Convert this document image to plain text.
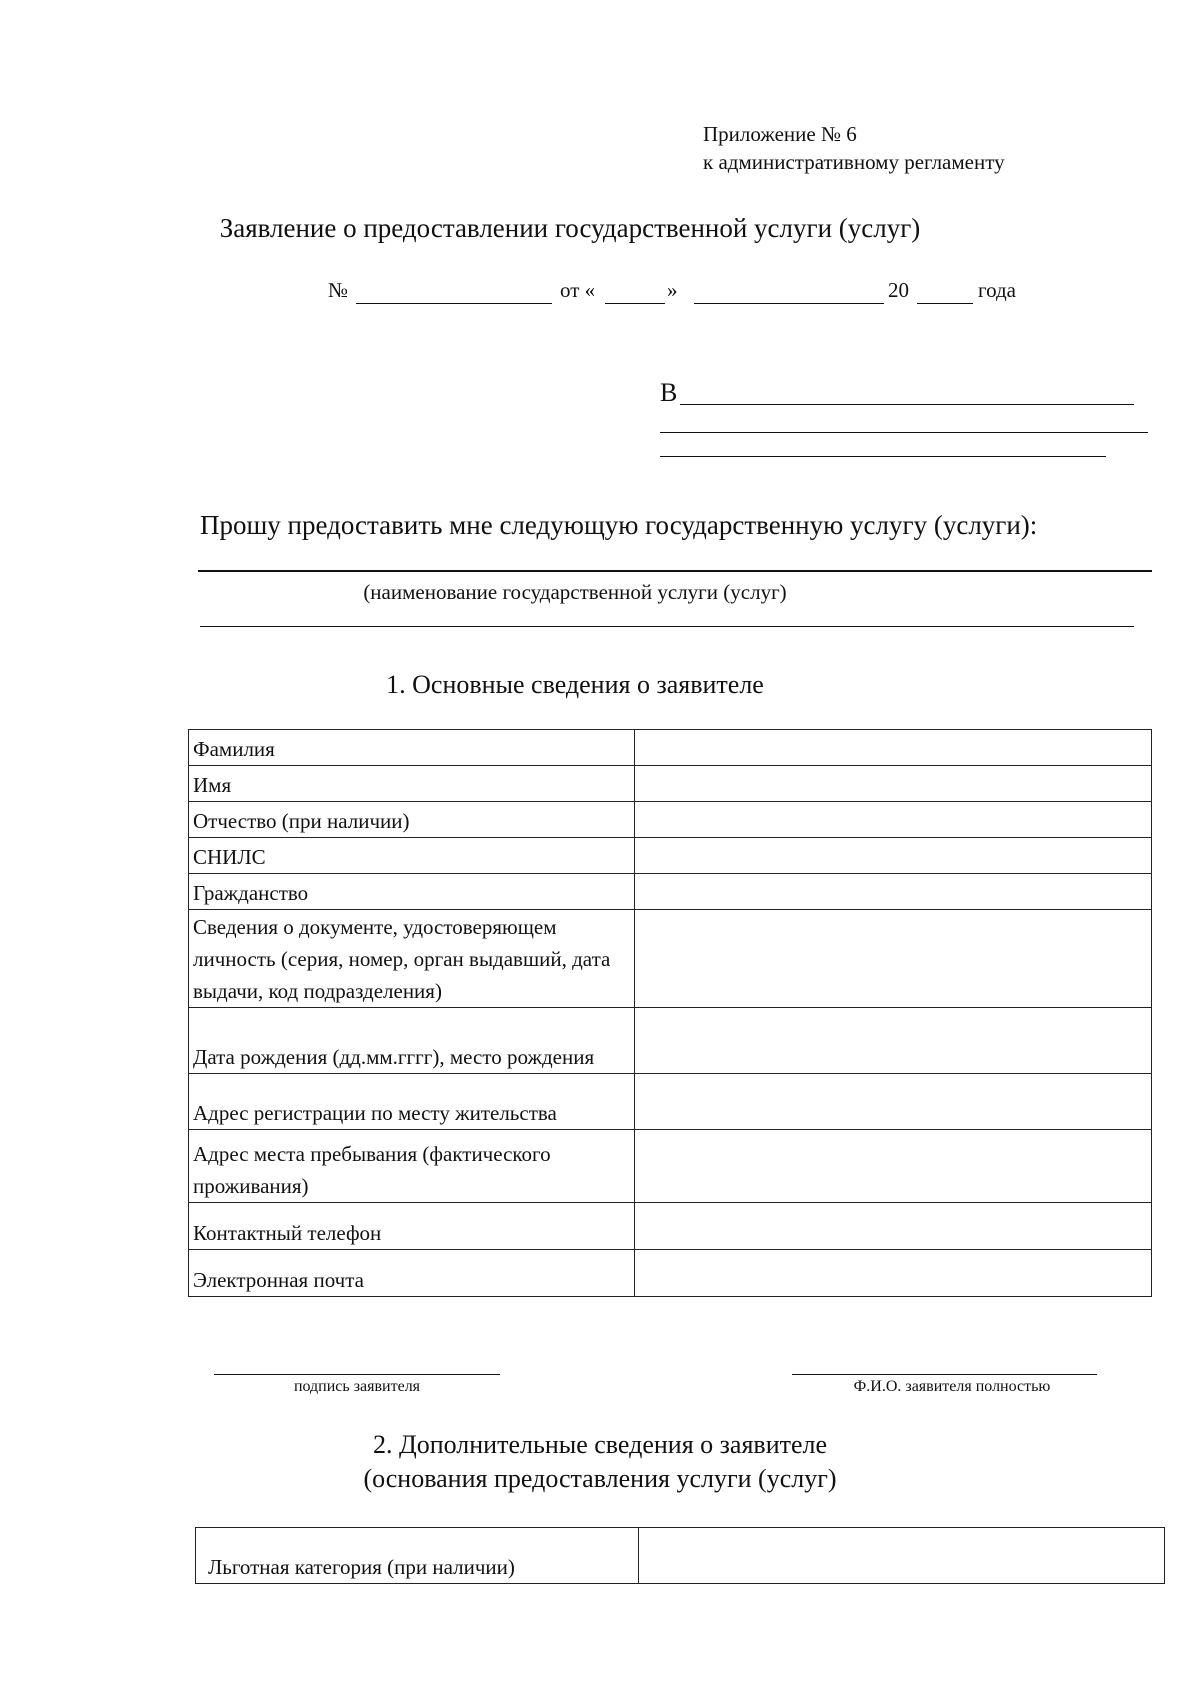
Приложение № 6
к административному регламенту
Заявление о предоставлении государственной услуги (услуг)
№	от «	»	20	года
В
Прошу предоставить мне следующую государственную услугу (услуги):
(наименование государственной услуги (услуг)
1. Основные сведения о заявителе
Фамилия	
Имя	
Отчество (при наличии)	
СНИЛС	
Гражданство	
Сведения о документе, удостоверяющем личность (серия, номер, орган выдавший, дата выдачи, код подразделения)	
Дата рождения (дд.мм.гггг), место рождения	
Адрес регистрации по месту жительства	
Адрес места пребывания (фактического проживания)	
Контактный телефон	
Электронная почта	
подпись заявителя	Ф.И.О. заявителя полностью
2. Дополнительные сведения о заявителе
(основания предоставления услуги (услуг)
Льготная категория (при наличии)	
